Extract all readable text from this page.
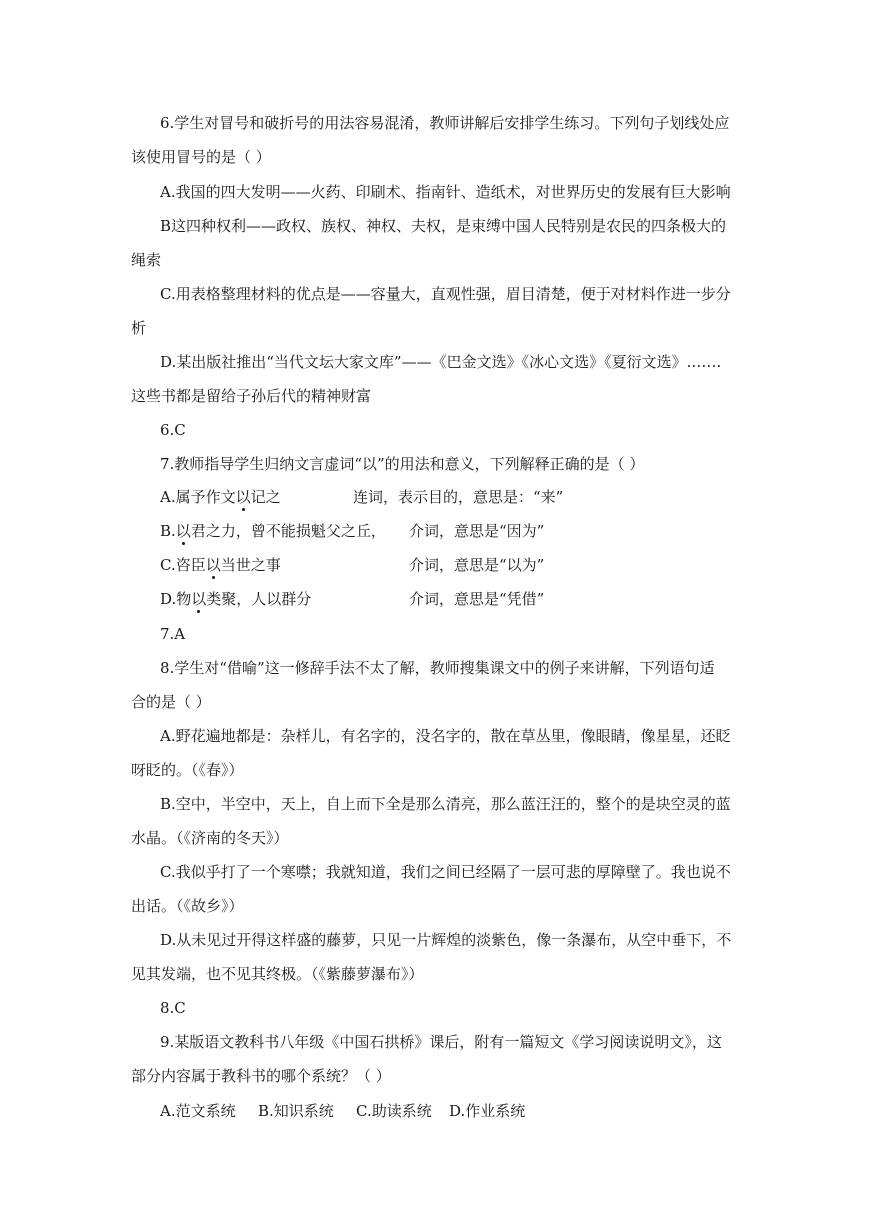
6.学生对冒号和破折号的用法容易混淆，教师讲解后安排学生练习。下列句子划线处应
该使用冒号的是（ ）
A.我国的四大发明——火药、印刷术、指南针、造纸术，对世界历史的发展有巨大影响
B这四种权利——政权、族权、神权、夫权，是束缚中国人民特别是农民的四条极大的
绳索
C.用表格整理材料的优点是——容量大，直观性强，眉目清楚，便于对材料作进一步分
析
D.某出版社推出“当代文坛大家文库”——《巴金文选》《冰心文选》《夏衍文选》.……
这些书都是留给子孙后代的精神财富
6.C
7.教师指导学生归纳文言虚词“以”的用法和意义，下列解释正确的是（ ）
A.属予作文以记之	连词，表示目的，意思是：“来”
B.以君之力，曾不能损魁父之丘， 介词，意思是“因为”
C.咨臣以当世之事	介词，意思是“以为”
D.物以类聚，人以群分	介词，意思是“凭借”
7.A
8.学生对“借喻”这一修辞手法不太了解，教师搜集课文中的例子来讲解，下列语句适
合的是（ ）
A.野花遍地都是：杂样儿，有名字的，没名字的，散在草丛里，像眼睛，像星星，还眨
呀眨的。（《春》）
B.空中，半空中，天上，自上而下全是那么清亮，那么蓝汪汪的，整个的是块空灵的蓝
水晶。（《济南的冬天》）
C.我似乎打了一个寒噤；我就知道，我们之间已经隔了一层可悲的厚障壁了。我也说不
出话。（《故乡》）
D.从未见过开得这样盛的藤萝，只见一片辉煌的淡紫色，像一条瀑布，从空中垂下，不
见其发端，也不见其终极。（《紫藤萝瀑布》）
8.C
9.某版语文教科书八年级《中国石拱桥》课后，附有一篇短文《学习阅读说明文》，这
部分内容属于教科书的哪个系统？（ ）
A.范文系统 B.知识系统 C.助读系统 D.作业系统
